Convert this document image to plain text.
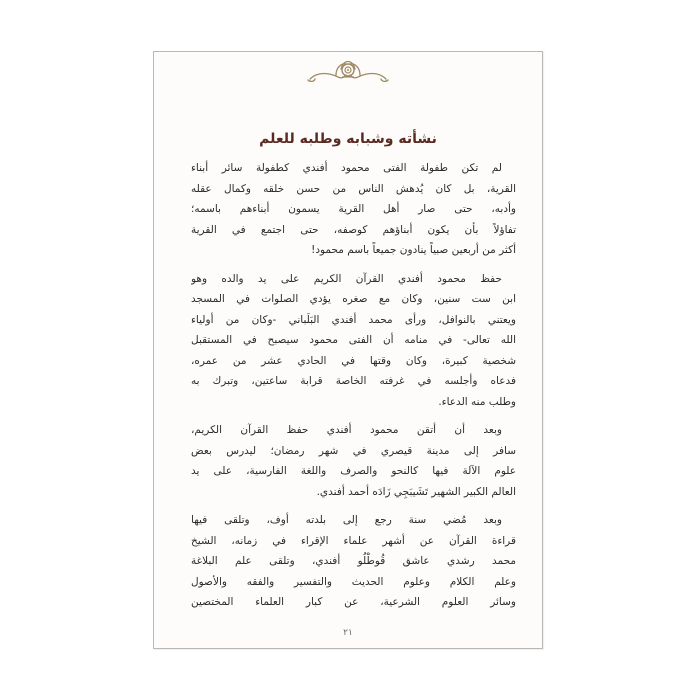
نشأته وشبابه وطلبه للعلم
لم تكن طفولة الفتى محمود أفندي كطفولة سائر أبناء
القرية، بل كان يُدهش الناس من حسن خلقه وكمال عقله
وأدبه، حتى صار أهل القرية يسمون أبناءهم باسمه؛
تفاؤلاً بأن يكون أبناؤهم كوصفه، حتى اجتمع في القرية
أكثر من أربعين صبياً ينادون جميعاً باسم محمود!
حفظ محمود أفندي القرآن الكريم على يد والده وهو
ابن ست سنين، وكان مع صغره يؤدي الصلوات في المسجد
ويعتني بالنوافل، ورأى محمد أفندي البَلَباني -وكان من أولياء
الله تعالى- في منامه أن الفتى محمود سيصبح في المستقبل
شخصية كبيرة، وكان وقتها في الحادي عشر من عمره،
فدعاه وأجلسه في غرفته الخاصة قرابة ساعتين، وتبرك به
وطلب منه الدعاء.
وبعد أن أتقن محمود أفندي حفظ القرآن الكريم،
سافر إلى مدينة قيصري في شهر رمضان؛ ليدرس بعض
علوم الآلة فيها كالنحو والصرف واللغة الفارسية، على يد
العالم الكبير الشهير تَشَيبَجِي زَادَه أحمد أفندي.
وبعد مُضي سنة رجع إلى بلدته أوف، وتلقى فيها
قراءة القرآن عن أشهر علماء الإقراء في زمانه، الشيخ
محمد رشدي عاشق قُوطْلُو أفندي، وتلقى علم البلاغة
وعلم الكلام وعلوم الحديث والتفسير والفقه والأصول
وسائر العلوم الشرعية، عن كبار العلماء المختصين
٢١
